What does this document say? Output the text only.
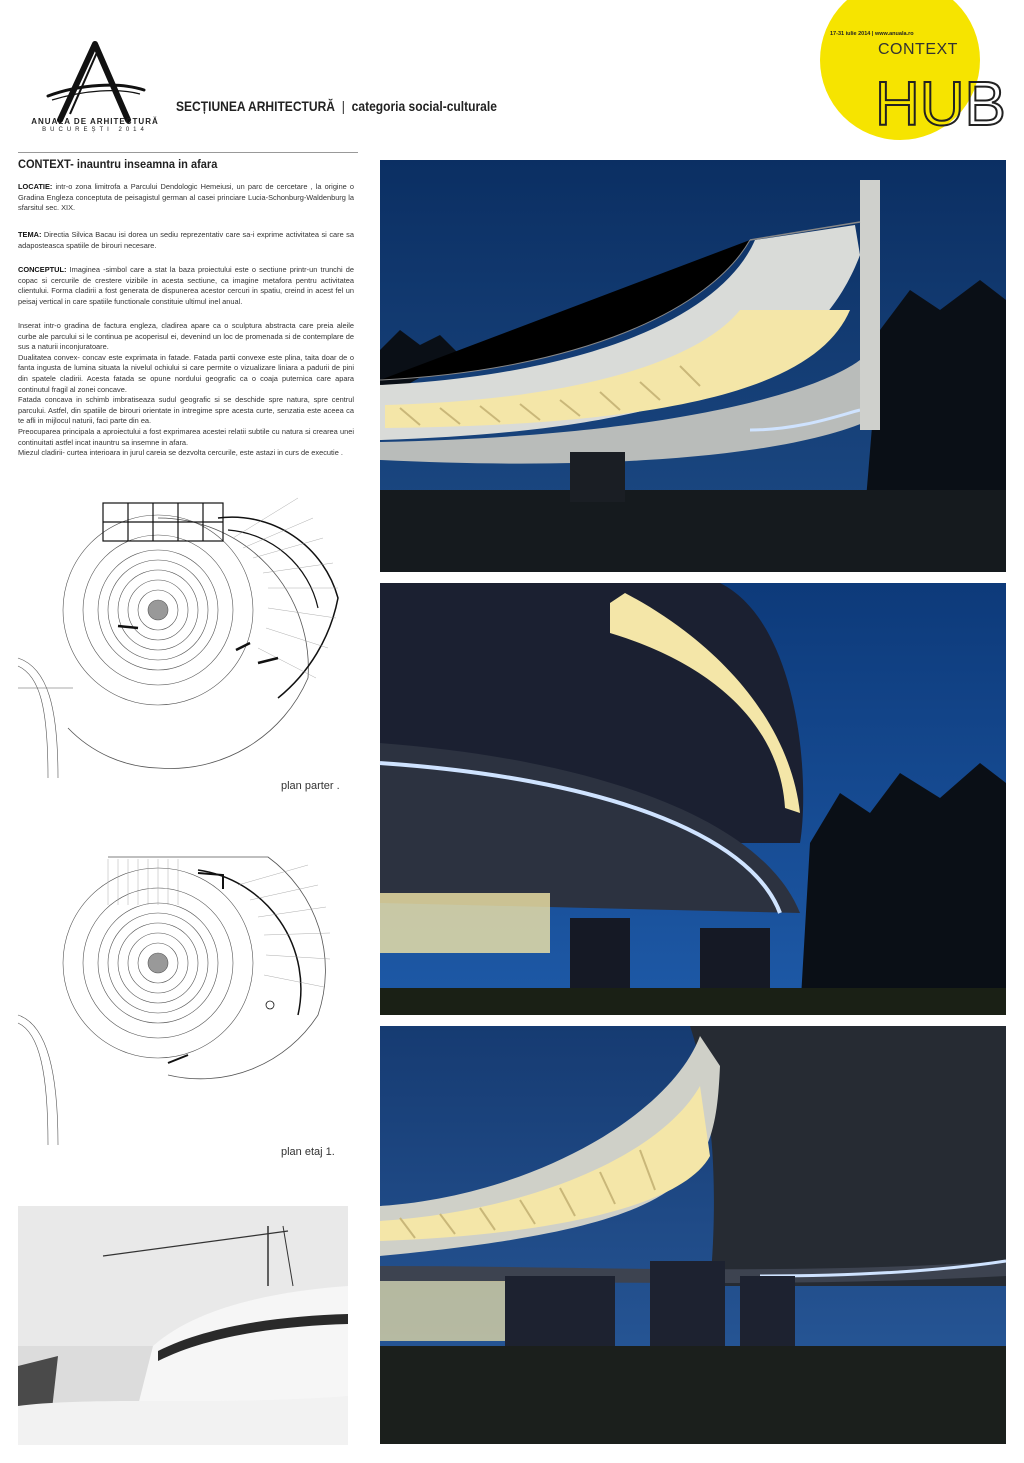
ANUALA DE ARHITECTURĂ
BUCUREȘTI 2014
SECȚIUNEA ARHITECTURĂ | categoria social-culturale
CONTEXT
HUB
17-31 iulie 2014 | www.anuala.ro
CONTEXT- inauntru inseamna in afara
LOCATIE: intr-o zona limitrofa a Parcului Dendologic Hemeiusi, un parc de cercetare , la origine o Gradina Engleza conceptuta de peisagistul german al casei princiare Lucia-Schonburg-Waldenburg la sfarsitul sec. XIX.
TEMA: Directia Silvica Bacau isi dorea un sediu reprezentativ care sa-i exprime activitatea si care sa adaposteasca spatiile de birouri necesare.
CONCEPTUL: Imaginea -simbol care a stat la baza proiectului este o sectiune printr-un trunchi de copac si cercurile de crestere vizibile in acesta sectiune, ca imagine metafora pentru activitatea clientului. Forma cladirii a fost generata de dispunerea acestor cercuri in spatiu, creind in acest fel un peisaj vertical in care spatiile functionale constituie ultimul inel anual.
Inserat intr-o gradina de factura engleza, cladirea apare ca o sculptura abstracta care preia aleile curbe ale parcului si le continua pe acoperisul ei, devenind un loc de promenada si de contemplare de sus a naturii inconjuratoare.
Dualitatea convex- concav este exprimata in fatade. Fatada partii convexe este plina, taita doar de o fanta ingusta de lumina situata la nivelul ochiului si care permite o vizualizare liniara a padurii de pini din spatele cladirii. Acesta fatada se opune nordului geografic ca o coaja puternica care apara continutul fragil al zonei concave.
Fatada concava in schimb imbratiseaza sudul geografic si se deschide spre natura, spre centrul parcului. Astfel, din spatiile de birouri orientate in intregime spre acesta curte, senzatia este aceea ca te afli in mijlocul naturii, faci parte din ea.
Preocuparea principala a aproiectului a fost exprimarea acestei relatii subtile cu natura si crearea unei continuitati astfel incat inauntru sa insemne in afara.
Miezul cladirii- curtea interioara in jurul careia se dezvolta cercurile, este astazi in curs de executie .
plan parter .
plan etaj 1.
